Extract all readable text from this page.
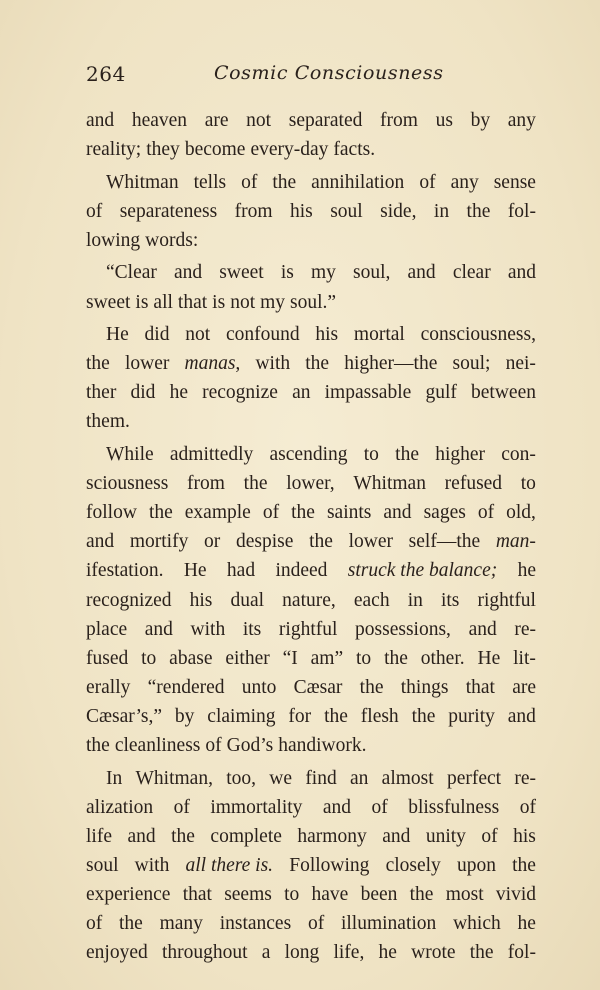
264	Cosmic Consciousness
and heaven are not separated from us by any
reality; they become every-day facts.
Whitman tells of the annihilation of any sense
of separateness from his soul side, in the fol-
lowing words:
“Clear and sweet is my soul, and clear and
sweet is all that is not my soul.”
He did not confound his mortal consciousness,
the lower manas, with the higher—the soul; nei-
ther did he recognize an impassable gulf between
them.
While admittedly ascending to the higher con-
sciousness from the lower, Whitman refused to
follow the example of the saints and sages of old,
and mortify or despise the lower self—the man-
ifestation. He had indeed struck the balance; he
recognized his dual nature, each in its rightful
place and with its rightful possessions, and re-
fused to abase either “I am” to the other. He lit-
erally “rendered unto Cæsar the things that are
Cæsar’s,” by claiming for the flesh the purity and
the cleanliness of God’s handiwork.
In Whitman, too, we find an almost perfect re-
alization of immortality and of blissfulness of
life and the complete harmony and unity of his
soul with all there is. Following closely upon the
experience that seems to have been the most vivid
of the many instances of illumination which he
enjoyed throughout a long life, he wrote the fol-
